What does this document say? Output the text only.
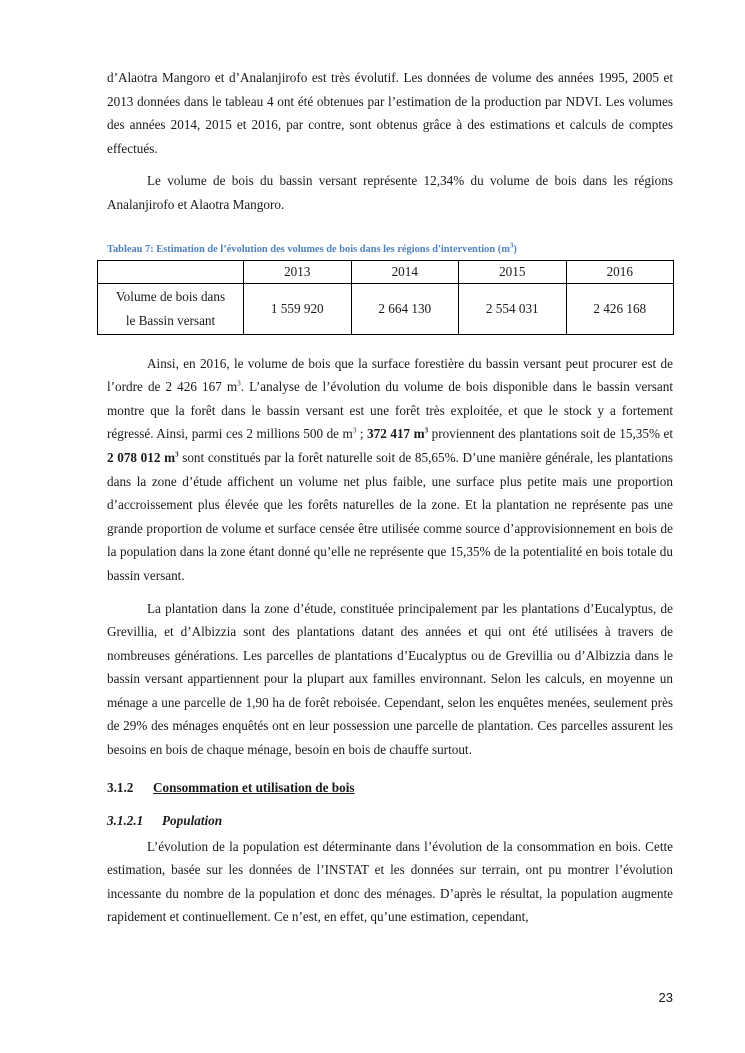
d’Alaotra Mangoro et d’Analanjirofo est très évolutif. Les données de volume des années 1995, 2005 et 2013 données dans le tableau 4 ont été obtenues par l’estimation de la production par NDVI. Les volumes des années 2014, 2015 et 2016, par contre, sont obtenus grâce à des estimations et calculs de comptes effectués.

Le volume de bois du bassin versant représente 12,34% du volume de bois dans les régions Analanjirofo et Alaotra Mangoro.

Tableau 7: Estimation de l’évolution des volumes de bois dans les régions d'intervention $(m^3)$
	2013	2014	2015	2016
Volume de bois dans
le Bassin versant	1 559 920	2 664 130	2 554 031	2 426 168

Ainsi, en 2016, le volume de bois que la surface forestière du bassin versant peut procurer est de l’ordre de 2 426 167 $m^3$. L’analyse de l’évolution du volume de bois disponible dans le bassin versant montre que la forêt dans le bassin versant est une forêt très exploitée, et que le stock y a fortement régressé. Ainsi, parmi ces 2 millions 500 de $m^3$ ; 372 417 $m^3$ proviennent des plantations soit de 15,35% et 2 078 012 $m^3$ sont constitués par la forêt naturelle soit de 85,65%. D’une manière générale, les plantations dans la zone d’étude affichent un volume net plus faible, une surface plus petite mais une proportion d’accroissement plus élevée que les forêts naturelles de la zone. Et la plantation ne représente pas une grande proportion de volume et surface censée être utilisée comme source d’approvisionnement en bois de la population dans la zone étant donné qu’elle ne représente que 15,35% de la potentialité en bois totale du bassin versant.

La plantation dans la zone d’étude, constituée principalement par les plantations d’Eucalyptus, de Grevillia, et d’Albizzia sont des plantations datant des années et qui ont été utilisées à travers de nombreuses générations. Les parcelles de plantations d’Eucalyptus ou de Grevillia ou d’Albizzia dans le bassin versant appartiennent pour la plupart aux familles environnant. Selon les calculs, en moyenne un ménage a une parcelle de 1,90 ha de forêt reboisée. Cependant, selon les enquêtes menées, seulement près de 29% des ménages enquêtés ont en leur possession une parcelle de plantation. Ces parcelles assurent les besoins en bois de chaque ménage, besoin en bois de chauffe surtout.

3.1.2 Consommation et utilisation de bois
3.1.2.1 Population

L’évolution de la population est déterminante dans l’évolution de la consommation en bois. Cette estimation, basée sur les données de l’INSTAT et les données sur terrain, ont pu montrer l’évolution incessante du nombre de la population et donc des ménages. D’après le résultat, la population augmente rapidement et continuellement. Ce n’est, en effet, qu’une estimation, cependant,

23
